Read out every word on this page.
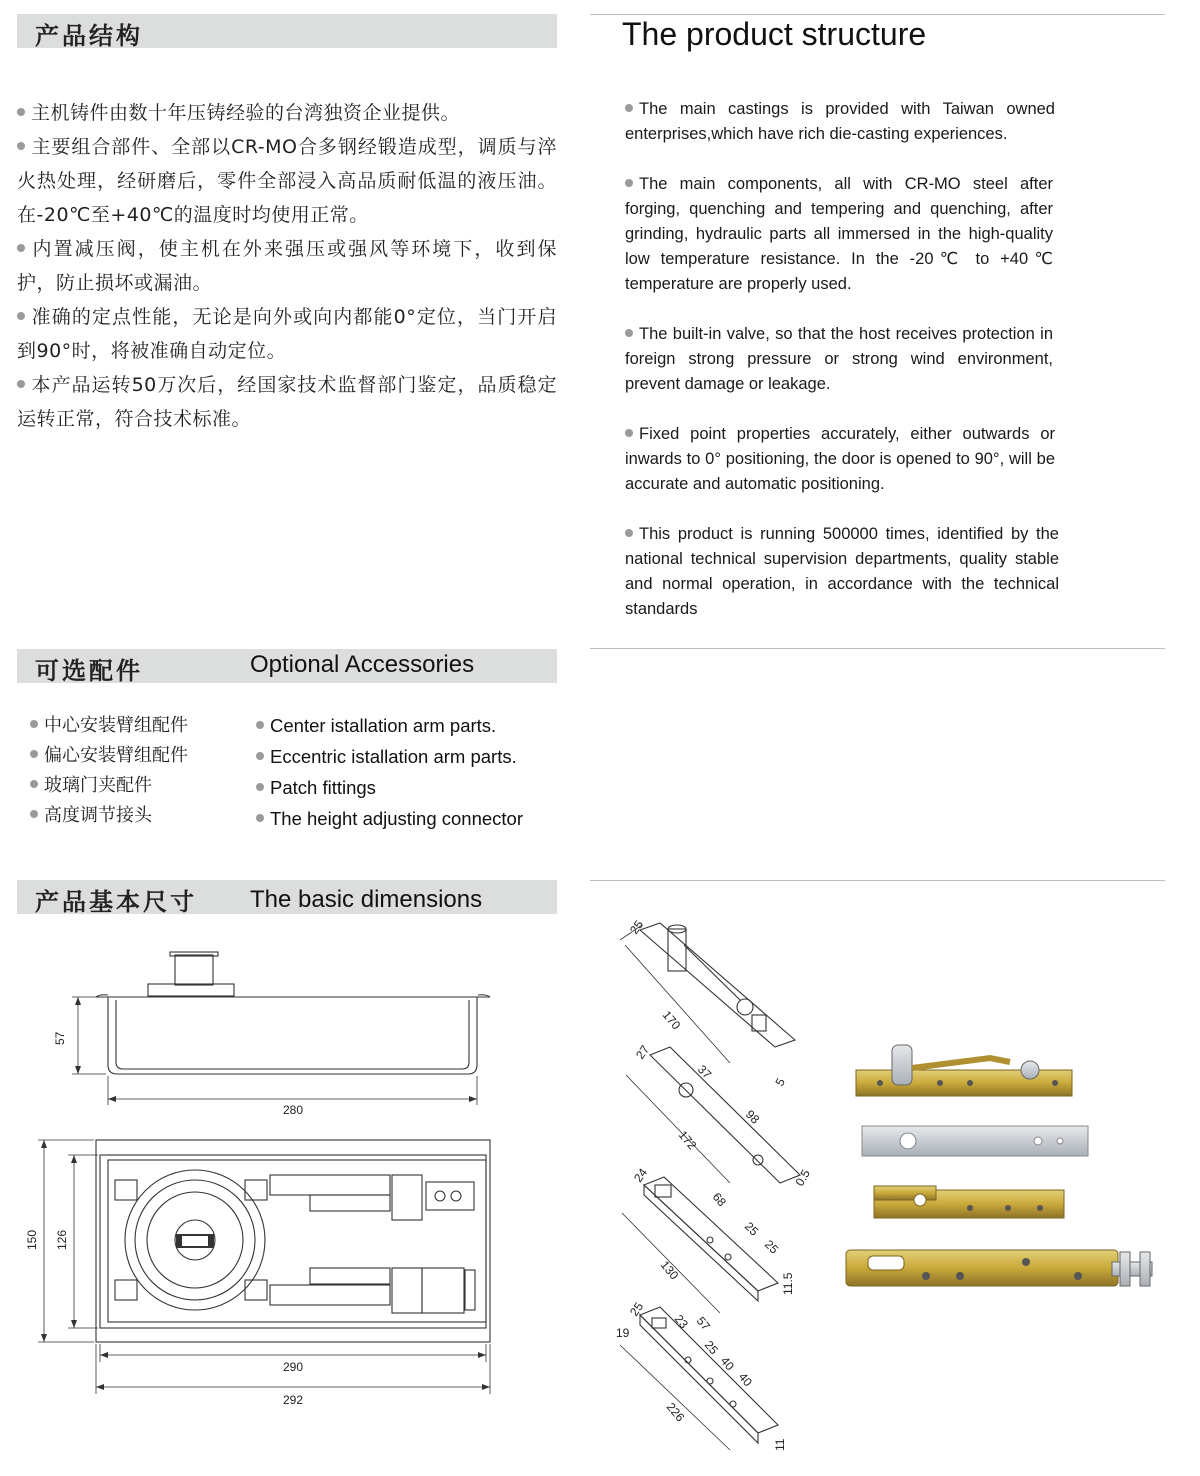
产品结构	The product structure

主机铸件由数十年压铸经验的台湾独资企业提供。

主要组合部件、全部以CR-MO合多钢经锻造成型，调质与淬火热处理，经研磨后，零件全部浸入高品质耐低温的液压油。在-20℃至+40℃的温度时均使用正常。

内置减压阀，使主机在外来强压或强风等环境下，收到保护，防止损坏或漏油。

准确的定点性能，无论是向外或向内都能0°定位，当门开启到90°时，将被准确自动定位。

本产品运转50万次后，经国家技术监督部门鉴定，品质稳定运转正常，符合技术标准。

The main castings is provided with Taiwan owned enterprises,which have rich die-casting experiences.

The main components, all with CR-MO steel after forging, quenching and tempering and quenching, after grinding, hydraulic parts all immersed in the high-quality low temperature resistance. In the -20℃ to +40℃ temperature are properly used.

The built-in valve, so that the host receives protection in foreign strong pressure or strong wind environment, prevent damage or leakage.

Fixed point properties accurately, either outwards or inwards to 0° positioning, the door is opened to 90°, will be accurate and automatic positioning.

This product is running 500000 times, identified by the national technical supervision departments, quality stable and normal operation, in accordance with the technical standards

可选配件	Optional Accessories
中心安装臂组配件
偏心安装臂组配件
玻璃门夹配件
高度调节接头
Center istallation arm parts.
Eccentric istallation arm parts.
Patch fittings
The height adjusting connector
产品基本尺寸 The basic dimensions
57
280
150 126
290
292
25
170
5
27
37
98
172
0.5
24
68
25
25
130
11.5
25
19
23 57
25
40
40
226
11
